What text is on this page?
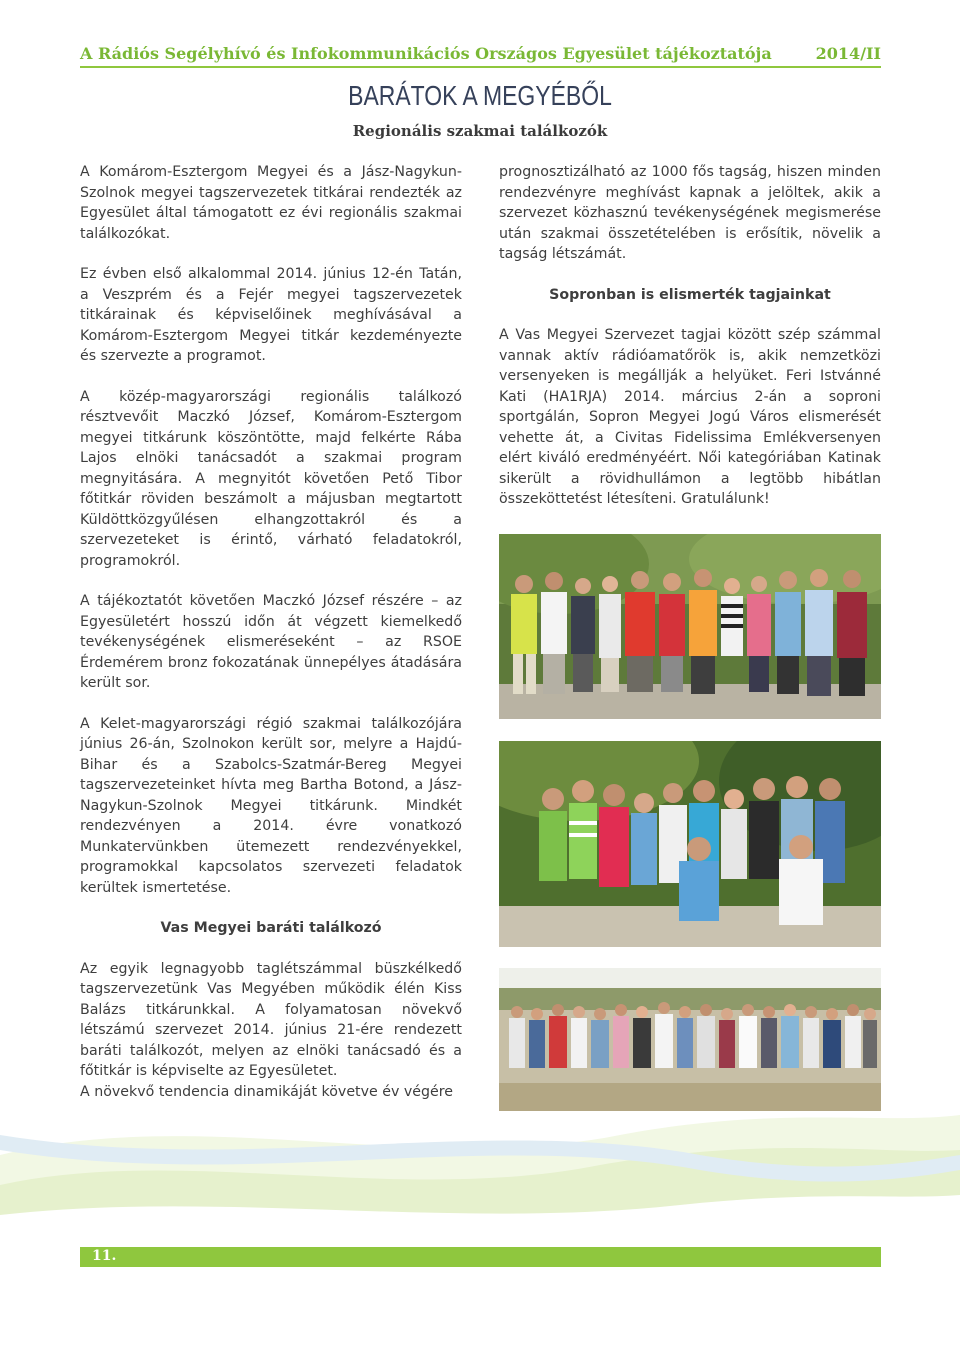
A Rádiós Segélyhívó és Infokommunikációs Országos Egyesület tájékoztatója	2014/II
BARÁTOK A MEGYÉBŐL
Regionális szakmai találkozók

A Komárom-Esztergom Megyei és a Jász-Nagykun-Szolnok megyei tagszervezetek titkárai rendezték az Egyesület által támogatott ez évi regionális szakmai találkozókat.

Ez évben első alkalommal 2014. június 12-én Tatán, a Veszprém és a Fejér megyei tagszervezetek titkárainak és képviselőinek meghívásával a Komárom-Esztergom Megyei titkár kezdeményezte és szervezte a programot.

A közép-magyarországi regionális találkozó résztvevőit Maczkó József, Komárom-Esztergom megyei titkárunk köszöntötte, majd felkérte Rába Lajos elnöki tanácsadót a szakmai program megnyitására. A megnyitót követően Pető Tibor főtitkár röviden beszámolt a májusban megtartott Küldöttközgyűlésen elhangzottakról és a szervezeteket is érintő, várható feladatokról, programokról.

A tájékoztatót követően Maczkó József részére – az Egyesületért hosszú időn át végzett kiemelkedő tevékenységének elismeréseként – az RSOE Érdemérem bronz fokozatának ünnepélyes átadására került sor.

A Kelet-magyarországi régió szakmai találkozójára június 26-án, Szolnokon került sor, melyre a Hajdú-Bihar és a Szabolcs-Szatmár-Bereg Megyei tagszervezeteinket hívta meg Bartha Botond, a Jász-Nagykun-Szolnok Megyei titkárunk. Mindkét rendezvényen a 2014. évre vonatkozó Munkatervünkben ütemezett rendezvényekkel, programokkal kapcsolatos szervezeti feladatok kerültek ismertetése.

Vas Megyei baráti találkozó

Az egyik legnagyobb taglétszámmal büszkélkedő tagszervezetünk Vas Megyében működik élén Kiss Balázs titkárunkkal. A folyamatosan növekvő létszámú szervezet 2014. június 21-ére rendezett baráti találkozót, melyen az elnöki tanácsadó és a főtitkár is képviselte az Egyesületet.

A növekvő tendencia dinamikáját követve év végére

prognosztizálható az 1000 fős tagság, hiszen minden rendezvényre meghívást kapnak a jelöltek, akik a szervezet közhasznú tevékenységének megismerése után szakmai összetételében is erősítik, növelik a tagság létszámát.

Sopronban is elismerték tagjainkat

A Vas Megyei Szervezet tagjai között szép számmal vannak aktív rádióamatőrök is, akik nemzetközi versenyeken is megállják a helyüket. Feri Istvánné Kati (HA1RJA) 2014. március 2-án a soproni sportgálán, Sopron Megyei Jogú Város elismerését vehette át, a Civitas Fidelissima Emlékversenyen elért kiváló eredményéért. Női kategóriában Katinak sikerült a rövidhullámon a legtöbb hibátlan összeköttetést létesíteni. Gratulálunk!

11.
